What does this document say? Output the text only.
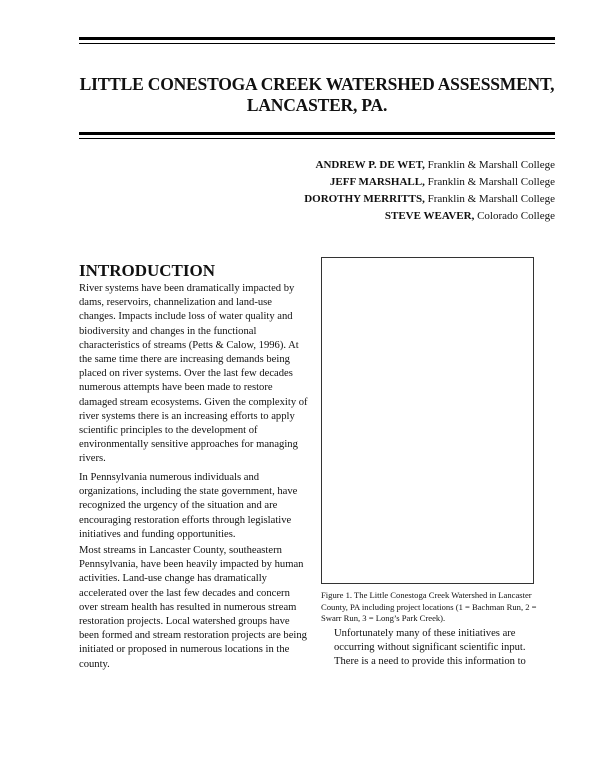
LITTLE CONESTOGA CREEK WATERSHED ASSESSMENT, LANCASTER, PA.
ANDREW P. DE WET, Franklin & Marshall College
JEFF MARSHALL, Franklin & Marshall College
DOROTHY MERRITTS, Franklin & Marshall College
STEVE WEAVER, Colorado College
INTRODUCTION

River systems have been dramatically impacted by dams, reservoirs, channelization and land-use changes. Impacts include loss of water quality and biodiversity and changes in the functional characteristics of streams (Petts & Calow, 1996). At the same time there are increasing demands being placed on river systems. Over the last few decades numerous attempts have been made to restore damaged stream ecosystems. Given the complexity of river systems there is an increasing efforts to apply scientific principles to the development of environmentally sensitive approaches for managing rivers.

In Pennsylvania numerous individuals and organizations, including the state government, have recognized the urgency of the situation and are encouraging restoration efforts through legislative initiatives and funding opportunities.

Most streams in Lancaster County, southeastern Pennsylvania, have been heavily impacted by human activities. Land-use change has dramatically accelerated over the last few decades and concern over stream health has resulted in numerous stream restoration projects. Local watershed groups have been formed and stream restoration projects are being initiated or proposed in numerous locations in the county.

Figure 1. The Little Conestoga Creek Watershed in Lancaster County, PA including project locations (1 = Bachman Run, 2 = Swarr Run, 3 = Long’s Park Creek).

Unfortunately many of these initiatives are occurring without significant scientific input. There is a need to provide this information to
